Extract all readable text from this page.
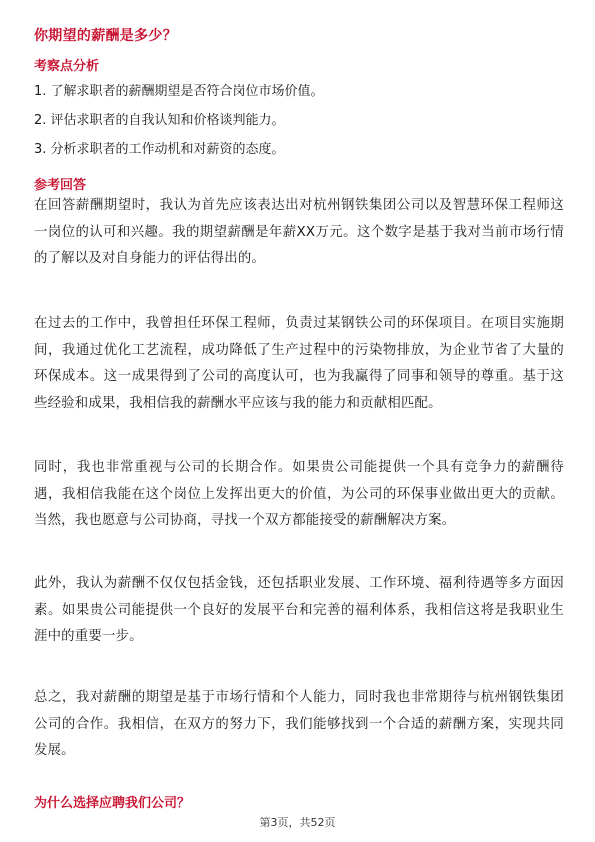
你期望的薪酬是多少？
考察点分析
1. 了解求职者的薪酬期望是否符合岗位市场价值。
2. 评估求职者的自我认知和价格谈判能力。
3. 分析求职者的工作动机和对薪资的态度。
参考回答
在回答薪酬期望时，我认为首先应该表达出对杭州钢铁集团公司以及智慧环保工程师这一岗位的认可和兴趣。我的期望薪酬是年薪XX万元。这个数字是基于我对当前市场行情的了解以及对自身能力的评估得出的。
在过去的工作中，我曾担任环保工程师，负责过某钢铁公司的环保项目。在项目实施期间，我通过优化工艺流程，成功降低了生产过程中的污染物排放，为企业节省了大量的环保成本。这一成果得到了公司的高度认可，也为我赢得了同事和领导的尊重。基于这些经验和成果，我相信我的薪酬水平应该与我的能力和贡献相匹配。
同时，我也非常重视与公司的长期合作。如果贵公司能提供一个具有竞争力的薪酬待遇，我相信我能在这个岗位上发挥出更大的价值，为公司的环保事业做出更大的贡献。当然，我也愿意与公司协商，寻找一个双方都能接受的薪酬解决方案。
此外，我认为薪酬不仅仅包括金钱，还包括职业发展、工作环境、福利待遇等多方面因素。如果贵公司能提供一个良好的发展平台和完善的福利体系，我相信这将是我职业生涯中的重要一步。
总之，我对薪酬的期望是基于市场行情和个人能力，同时我也非常期待与杭州钢铁集团公司的合作。我相信，在双方的努力下，我们能够找到一个合适的薪酬方案，实现共同发展。
为什么选择应聘我们公司？
第3页，共52页
